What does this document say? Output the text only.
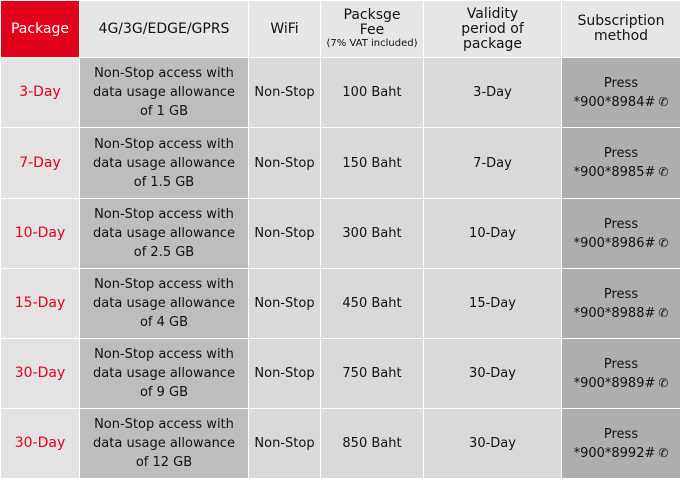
Package	4G/3G/EDGE/GPRS	WiFi	Packsge
Fee
(7% VAT included)	Validity
period of
package	Subscription
method

3-Day	Non-Stop access with
data usage allowance
of 1 GB	Non-Stop	100 Baht	3-Day	Press
*900*8984# ✆
7-Day	Non-Stop access with
data usage allowance
of 1.5 GB	Non-Stop	150 Baht	7-Day	Press
*900*8985# ✆
10-Day	Non-Stop access with
data usage allowance
of 2.5 GB	Non-Stop	300 Baht	10-Day	Press
*900*8986# ✆
15-Day	Non-Stop access with
data usage allowance
of 4 GB	Non-Stop	450 Baht	15-Day	Press
*900*8988# ✆
30-Day	Non-Stop access with
data usage allowance
of 9 GB	Non-Stop	750 Baht	30-Day	Press
*900*8989# ✆
30-Day	Non-Stop access with
data usage allowance
of 12 GB	Non-Stop	850 Baht	30-Day	Press
*900*8992# ✆
